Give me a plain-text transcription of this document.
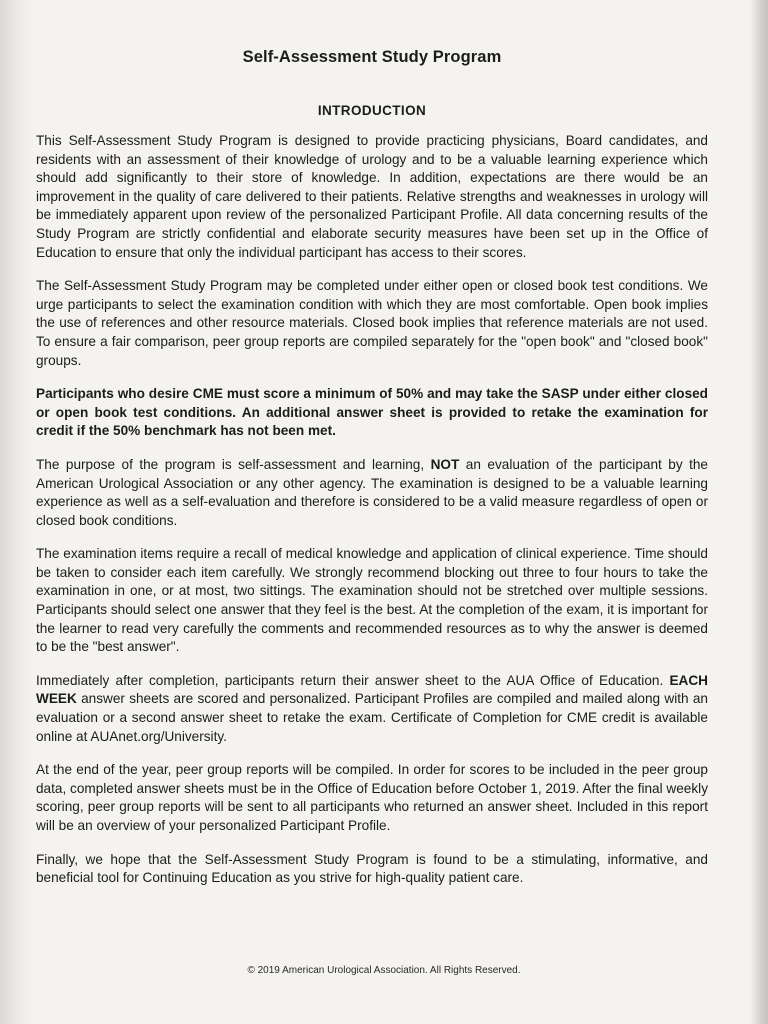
Self-Assessment Study Program
INTRODUCTION

This Self-Assessment Study Program is designed to provide practicing physicians, Board candidates, and residents with an assessment of their knowledge of urology and to be a valuable learning experience which should add significantly to their store of knowledge. In addition, expectations are there would be an improvement in the quality of care delivered to their patients. Relative strengths and weaknesses in urology will be immediately apparent upon review of the personalized Participant Profile. All data concerning results of the Study Program are strictly confidential and elaborate security measures have been set up in the Office of Education to ensure that only the individual participant has access to their scores.

The Self-Assessment Study Program may be completed under either open or closed book test conditions. We urge participants to select the examination condition with which they are most comfortable. Open book implies the use of references and other resource materials. Closed book implies that reference materials are not used. To ensure a fair comparison, peer group reports are compiled separately for the "open book" and "closed book" groups.

Participants who desire CME must score a minimum of 50% and may take the SASP under either closed or open book test conditions. An additional answer sheet is provided to retake the examination for credit if the 50% benchmark has not been met.

The purpose of the program is self-assessment and learning, NOT an evaluation of the participant by the American Urological Association or any other agency. The examination is designed to be a valuable learning experience as well as a self-evaluation and therefore is considered to be a valid measure regardless of open or closed book conditions.

The examination items require a recall of medical knowledge and application of clinical experience. Time should be taken to consider each item carefully. We strongly recommend blocking out three to four hours to take the examination in one, or at most, two sittings. The examination should not be stretched over multiple sessions. Participants should select one answer that they feel is the best. At the completion of the exam, it is important for the learner to read very carefully the comments and recommended resources as to why the answer is deemed to be the "best answer".

Immediately after completion, participants return their answer sheet to the AUA Office of Education. EACH WEEK answer sheets are scored and personalized. Participant Profiles are compiled and mailed along with an evaluation or a second answer sheet to retake the exam. Certificate of Completion for CME credit is available online at AUAnet.org/University.

At the end of the year, peer group reports will be compiled. In order for scores to be included in the peer group data, completed answer sheets must be in the Office of Education before October 1, 2019. After the final weekly scoring, peer group reports will be sent to all participants who returned an answer sheet. Included in this report will be an overview of your personalized Participant Profile.

Finally, we hope that the Self-Assessment Study Program is found to be a stimulating, informative, and beneficial tool for Continuing Education as you strive for high-quality patient care.

© 2019 American Urological Association. All Rights Reserved.
